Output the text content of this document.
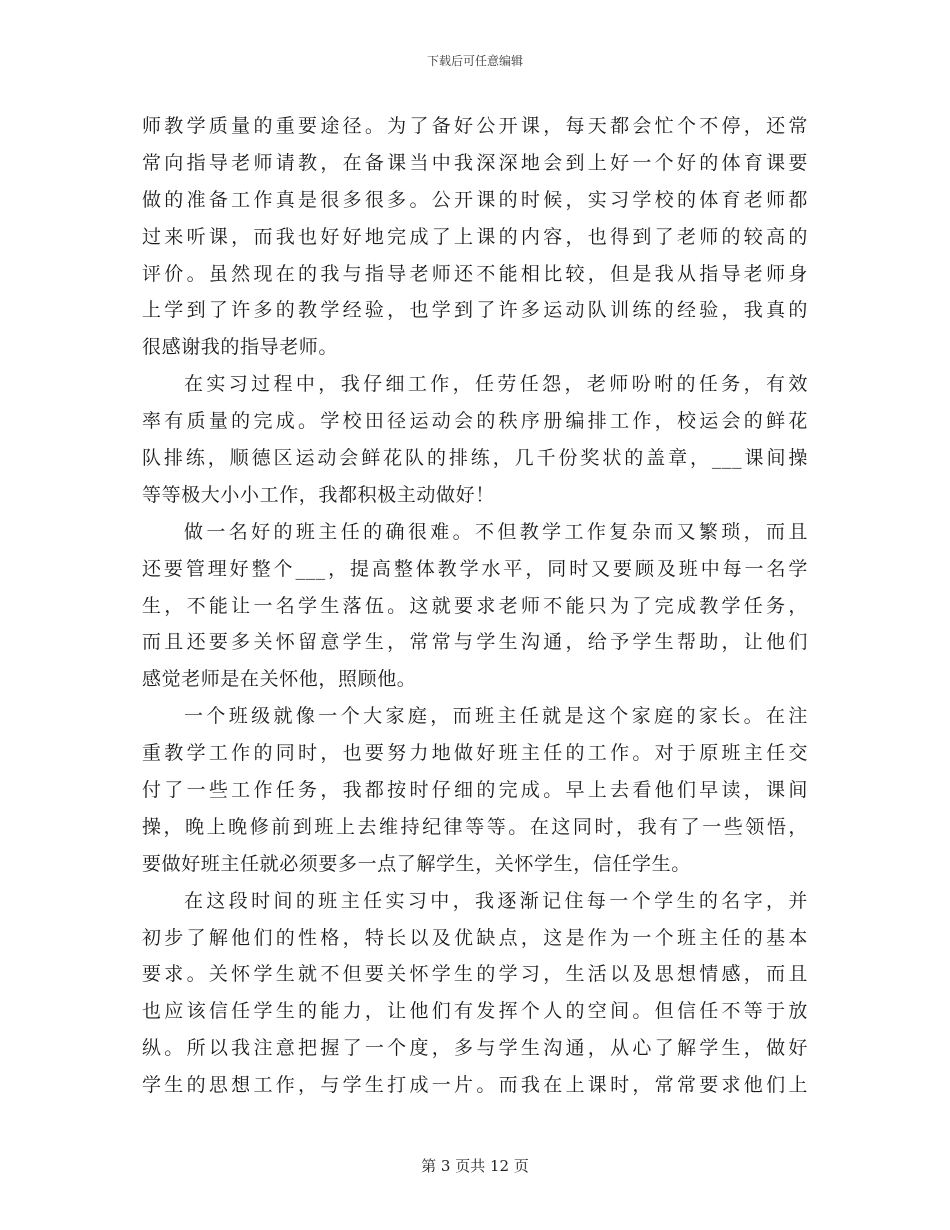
下载后可任意编辑
师教学质量的重要途径。为了备好公开课，每天都会忙个不停，还常
常向指导老师请教，在备课当中我深深地会到上好一个好的体育课要
做的准备工作真是很多很多。公开课的时候，实习学校的体育老师都
过来听课，而我也好好地完成了上课的内容，也得到了老师的较高的
评价。虽然现在的我与指导老师还不能相比较，但是我从指导老师身
上学到了许多的教学经验，也学到了许多运动队训练的经验，我真的
很感谢我的指导老师。
在实习过程中，我仔细工作，任劳任怨，老师吩咐的任务，有效
率有质量的完成。学校田径运动会的秩序册编排工作，校运会的鲜花
队排练，顺德区运动会鲜花队的排练，几千份奖状的盖章，___课间操
等等极大小小工作，我都积极主动做好！
做一名好的班主任的确很难。不但教学工作复杂而又繁琐，而且
还要管理好整个___，提高整体教学水平，同时又要顾及班中每一名学
生，不能让一名学生落伍。这就要求老师不能只为了完成教学任务，
而且还要多关怀留意学生，常常与学生沟通，给予学生帮助，让他们
感觉老师是在关怀他，照顾他。
一个班级就像一个大家庭，而班主任就是这个家庭的家长。在注
重教学工作的同时，也要努力地做好班主任的工作。对于原班主任交
付了一些工作任务，我都按时仔细的完成。早上去看他们早读，课间
操，晚上晚修前到班上去维持纪律等等。在这同时，我有了一些领悟，
要做好班主任就必须要多一点了解学生，关怀学生，信任学生。
在这段时间的班主任实习中，我逐渐记住每一个学生的名字，并
初步了解他们的性格，特长以及优缺点，这是作为一个班主任的基本
要求。关怀学生就不但要关怀学生的学习，生活以及思想情感，而且
也应该信任学生的能力，让他们有发挥个人的空间。但信任不等于放
纵。所以我注意把握了一个度，多与学生沟通，从心了解学生，做好
学生的思想工作，与学生打成一片。而我在上课时，常常要求他们上
第 3 页共 12 页
